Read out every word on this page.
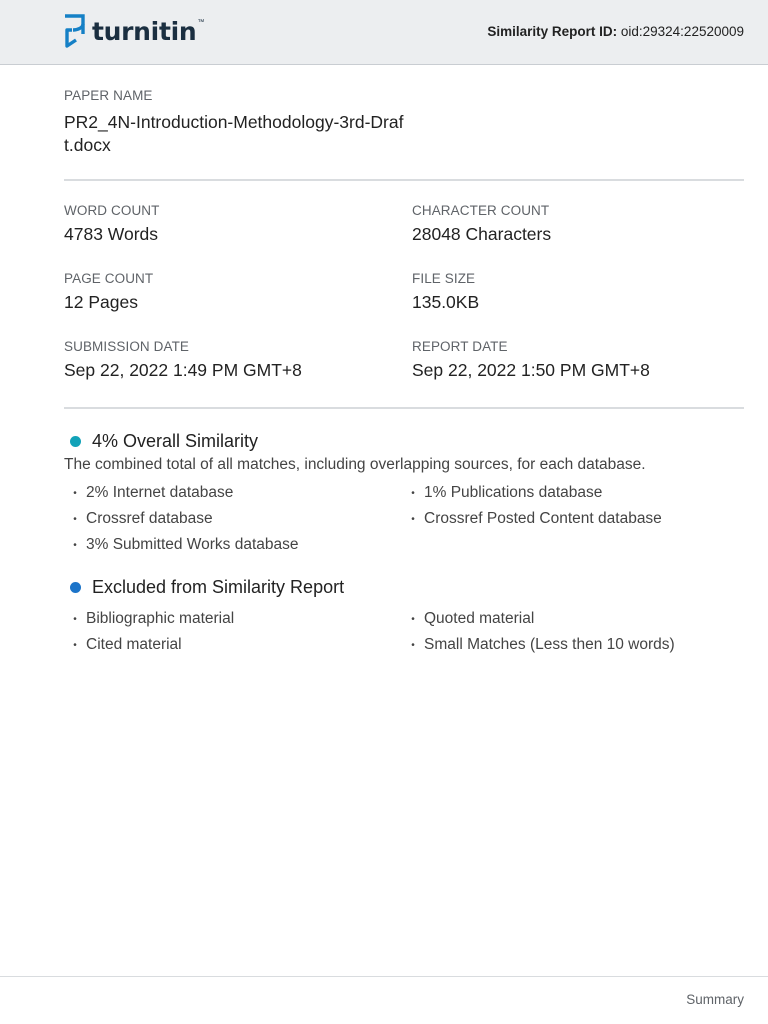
turnitin ™
Similarity Report ID: oid:29324:22520009
PAPER NAME
PR2_4N-Introduction-Methodology-3rd-Draft.docx
WORD COUNT
4783 Words
CHARACTER COUNT
28048 Characters
PAGE COUNT
12 Pages
FILE SIZE
135.0KB
SUBMISSION DATE
Sep 22, 2022 1:49 PM GMT+8
REPORT DATE
Sep 22, 2022 1:50 PM GMT+8
4% Overall Similarity
The combined total of all matches, including overlapping sources, for each database.
• 2% Internet database	• 1% Publications database
• Crossref database	• Crossref Posted Content database
• 3% Submitted Works database
Excluded from Similarity Report
• Bibliographic material	• Quoted material
• Cited material	• Small Matches (Less then 10 words)
Summary
